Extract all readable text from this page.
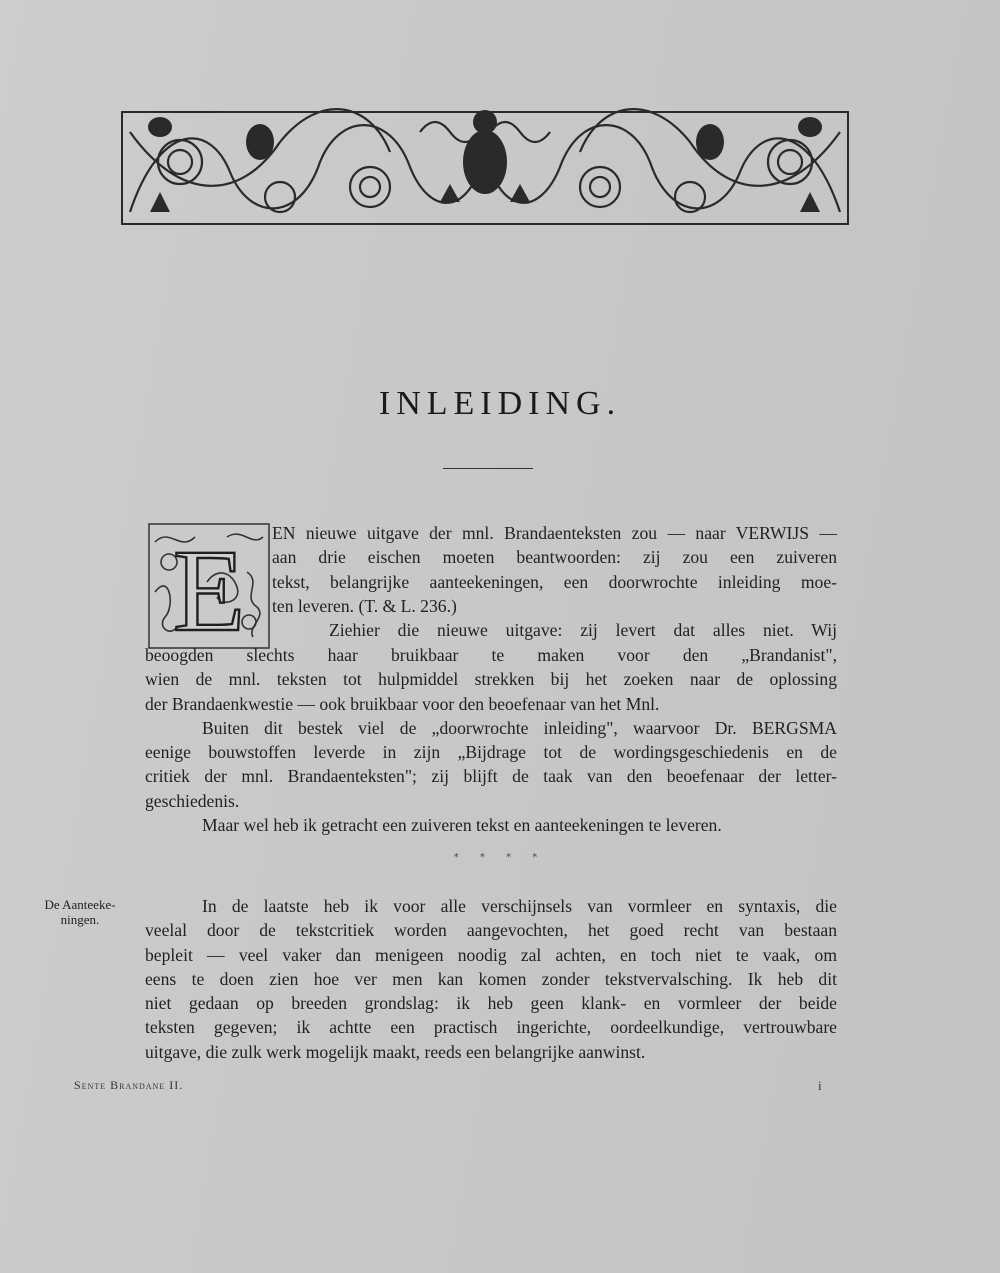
INLEIDING.
E EN nieuwe uitgave der mnl. Brandaenteksten zou — naar VERWIJS —
aan drie eischen moeten beantwoorden: zij zou een zuiveren
tekst, belangrijke aanteekeningen, een doorwrochte inleiding moe-
ten leveren. (T. & L. 236.)
Ziehier die nieuwe uitgave: zij levert dat alles niet. Wij
beoogden slechts haar bruikbaar te maken voor den „Brandanist",
wien de mnl. teksten tot hulpmiddel strekken bij het zoeken naar de oplossing
der Brandaenkwestie — ook bruikbaar voor den beoefenaar van het Mnl.
Buiten dit bestek viel de „doorwrochte inleiding", waarvoor Dr. BERGSMA
eenige bouwstoffen leverde in zijn „Bijdrage tot de wordingsgeschiedenis en de
critiek der mnl. Brandaenteksten"; zij blijft de taak van den beoefenaar der letter-
geschiedenis.
Maar wel heb ik getracht een zuiveren tekst en aanteekeningen te leveren.
* * * *
De Aanteeke-
ningen.
In de laatste heb ik voor alle verschijnsels van vormleer en syntaxis, die
veelal door de tekstcritiek worden aangevochten, het goed recht van bestaan
bepleit — veel vaker dan menigeen noodig zal achten, en toch niet te vaak, om
eens te doen zien hoe ver men kan komen zonder tekstvervalsching. Ik heb dit
niet gedaan op breeden grondslag: ik heb geen klank- en vormleer der beide
teksten gegeven; ik achtte een practisch ingerichte, oordeelkundige, vertrouwbare
uitgave, die zulk werk mogelijk maakt, reeds een belangrijke aanwinst.
Sente Brandane II.	i
